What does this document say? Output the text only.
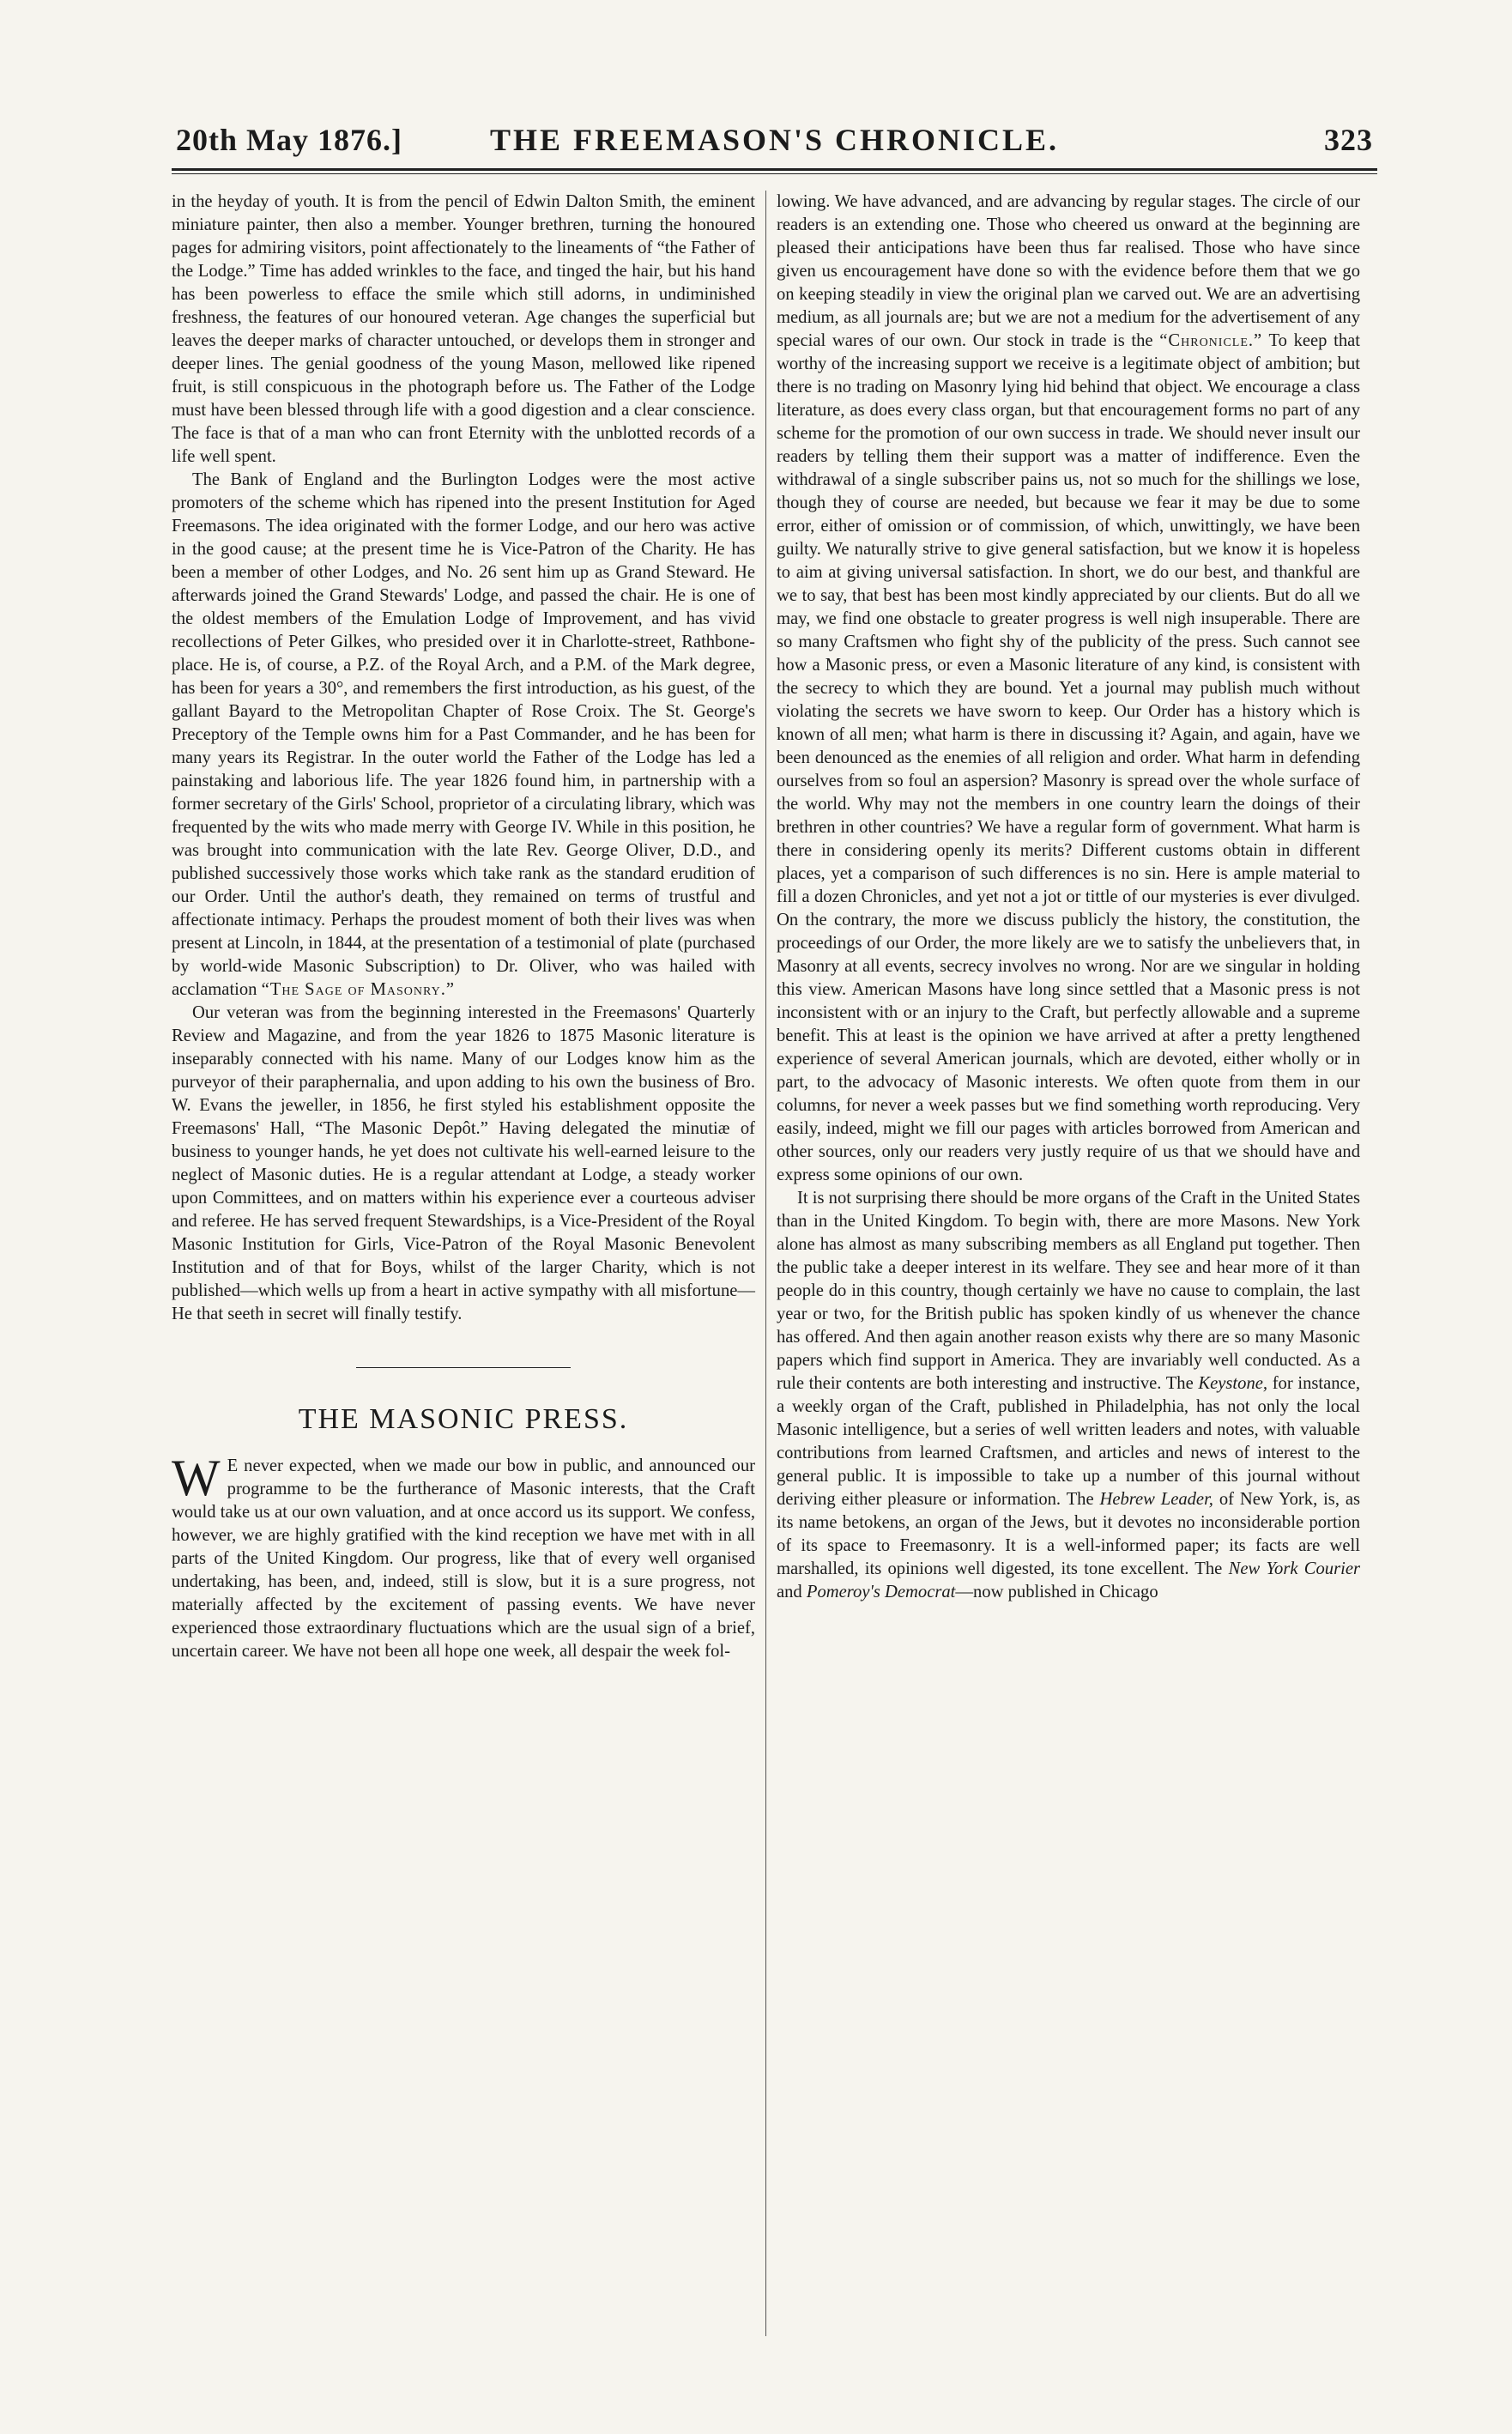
20th May 1876.]	THE FREEMASON'S CHRONICLE.	323

in the heyday of youth. It is from the pencil of Edwin Dalton Smith, the eminent miniature painter, then also a member. Younger brethren, turning the honoured pages for admiring visitors, point affectionately to the lineaments of “the Father of the Lodge.” Time has added wrinkles to the face, and tinged the hair, but his hand has been powerless to efface the smile which still adorns, in undiminished freshness, the features of our honoured veteran. Age changes the superficial but leaves the deeper marks of character untouched, or develops them in stronger and deeper lines. The genial goodness of the young Mason, mellowed like ripened fruit, is still conspicuous in the photograph before us. The Father of the Lodge must have been blessed through life with a good digestion and a clear conscience. The face is that of a man who can front Eternity with the unblotted records of a life well spent.

The Bank of England and the Burlington Lodges were the most active promoters of the scheme which has ripened into the present Institution for Aged Freemasons. The idea originated with the former Lodge, and our hero was active in the good cause; at the present time he is Vice-Patron of the Charity. He has been a member of other Lodges, and No. 26 sent him up as Grand Steward. He afterwards joined the Grand Stewards' Lodge, and passed the chair. He is one of the oldest members of the Emulation Lodge of Improvement, and has vivid recollections of Peter Gilkes, who presided over it in Charlotte-street, Rathbone-place. He is, of course, a P.Z. of the Royal Arch, and a P.M. of the Mark degree, has been for years a 30°, and remembers the first introduction, as his guest, of the gallant Bayard to the Metropolitan Chapter of Rose Croix. The St. George's Preceptory of the Temple owns him for a Past Commander, and he has been for many years its Registrar. In the outer world the Father of the Lodge has led a painstaking and laborious life. The year 1826 found him, in partnership with a former secretary of the Girls' School, proprietor of a circulating library, which was frequented by the wits who made merry with George IV. While in this position, he was brought into communication with the late Rev. George Oliver, D.D., and published successively those works which take rank as the standard erudition of our Order. Until the author's death, they remained on terms of trustful and affectionate intimacy. Perhaps the proudest moment of both their lives was when present at Lincoln, in 1844, at the presentation of a testimonial of plate (purchased by world-wide Masonic Subscription) to Dr. Oliver, who was hailed with acclamation “The Sage of Masonry.”

Our veteran was from the beginning interested in the Freemasons' Quarterly Review and Magazine, and from the year 1826 to 1875 Masonic literature is inseparably connected with his name. Many of our Lodges know him as the purveyor of their paraphernalia, and upon adding to his own the business of Bro. W. Evans the jeweller, in 1856, he first styled his establishment opposite the Freemasons' Hall, “The Masonic Depôt.” Having delegated the minutiæ of business to younger hands, he yet does not cultivate his well-earned leisure to the neglect of Masonic duties. He is a regular attendant at Lodge, a steady worker upon Committees, and on matters within his experience ever a courteous adviser and referee. He has served frequent Stewardships, is a Vice-President of the Royal Masonic Institution for Girls, Vice-Patron of the Royal Masonic Benevolent Institution and of that for Boys, whilst of the larger Charity, which is not published—which wells up from a heart in active sympathy with all misfortune—He that seeth in secret will finally testify.

THE MASONIC PRESS.

W E never expected, when we made our bow in public, and announced our programme to be the furtherance of Masonic interests, that the Craft would take us at our own valuation, and at once accord us its support. We confess, however, we are highly gratified with the kind reception we have met with in all parts of the United Kingdom. Our progress, like that of every well organised undertaking, has been, and, indeed, still is slow, but it is a sure progress, not materially affected by the excitement of passing events. We have never experienced those extraordinary fluctuations which are the usual sign of a brief, uncertain career. We have not been all hope one week, all despair the week fol-

lowing. We have advanced, and are advancing by regular stages. The circle of our readers is an extending one. Those who cheered us onward at the beginning are pleased their anticipations have been thus far realised. Those who have since given us encouragement have done so with the evidence before them that we go on keeping steadily in view the original plan we carved out. We are an advertising medium, as all journals are; but we are not a medium for the advertisement of any special wares of our own. Our stock in trade is the “Chronicle.” To keep that worthy of the increasing support we receive is a legitimate object of ambition; but there is no trading on Masonry lying hid behind that object. We encourage a class literature, as does every class organ, but that encouragement forms no part of any scheme for the promotion of our own success in trade. We should never insult our readers by telling them their support was a matter of indifference. Even the withdrawal of a single subscriber pains us, not so much for the shillings we lose, though they of course are needed, but because we fear it may be due to some error, either of omission or of commission, of which, unwittingly, we have been guilty. We naturally strive to give general satisfaction, but we know it is hopeless to aim at giving universal satisfaction. In short, we do our best, and thankful are we to say, that best has been most kindly appreciated by our clients. But do all we may, we find one obstacle to greater progress is well nigh insuperable. There are so many Craftsmen who fight shy of the publicity of the press. Such cannot see how a Masonic press, or even a Masonic literature of any kind, is consistent with the secrecy to which they are bound. Yet a journal may publish much without violating the secrets we have sworn to keep. Our Order has a history which is known of all men; what harm is there in discussing it? Again, and again, have we been denounced as the enemies of all religion and order. What harm in defending ourselves from so foul an aspersion? Masonry is spread over the whole surface of the world. Why may not the members in one country learn the doings of their brethren in other countries? We have a regular form of government. What harm is there in considering openly its merits? Different customs obtain in different places, yet a comparison of such differences is no sin. Here is ample material to fill a dozen Chronicles, and yet not a jot or tittle of our mysteries is ever divulged. On the contrary, the more we discuss publicly the history, the constitution, the proceedings of our Order, the more likely are we to satisfy the unbelievers that, in Masonry at all events, secrecy involves no wrong. Nor are we singular in holding this view. American Masons have long since settled that a Masonic press is not inconsistent with or an injury to the Craft, but perfectly allowable and a supreme benefit. This at least is the opinion we have arrived at after a pretty lengthened experience of several American journals, which are devoted, either wholly or in part, to the advocacy of Masonic interests. We often quote from them in our columns, for never a week passes but we find something worth reproducing. Very easily, indeed, might we fill our pages with articles borrowed from American and other sources, only our readers very justly require of us that we should have and express some opinions of our own.

It is not surprising there should be more organs of the Craft in the United States than in the United Kingdom. To begin with, there are more Masons. New York alone has almost as many subscribing members as all England put together. Then the public take a deeper interest in its welfare. They see and hear more of it than people do in this country, though certainly we have no cause to complain, the last year or two, for the British public has spoken kindly of us whenever the chance has offered. And then again another reason exists why there are so many Masonic papers which find support in America. They are invariably well conducted. As a rule their contents are both interesting and instructive. The Keystone, for instance, a weekly organ of the Craft, published in Philadelphia, has not only the local Masonic intelligence, but a series of well written leaders and notes, with valuable contributions from learned Craftsmen, and articles and news of interest to the general public. It is impossible to take up a number of this journal without deriving either pleasure or information. The Hebrew Leader, of New York, is, as its name betokens, an organ of the Jews, but it devotes no inconsiderable portion of its space to Freemasonry. It is a well-informed paper; its facts are well marshalled, its opinions well digested, its tone excellent. The New York Courier and Pomeroy's Democrat—now published in Chicago
